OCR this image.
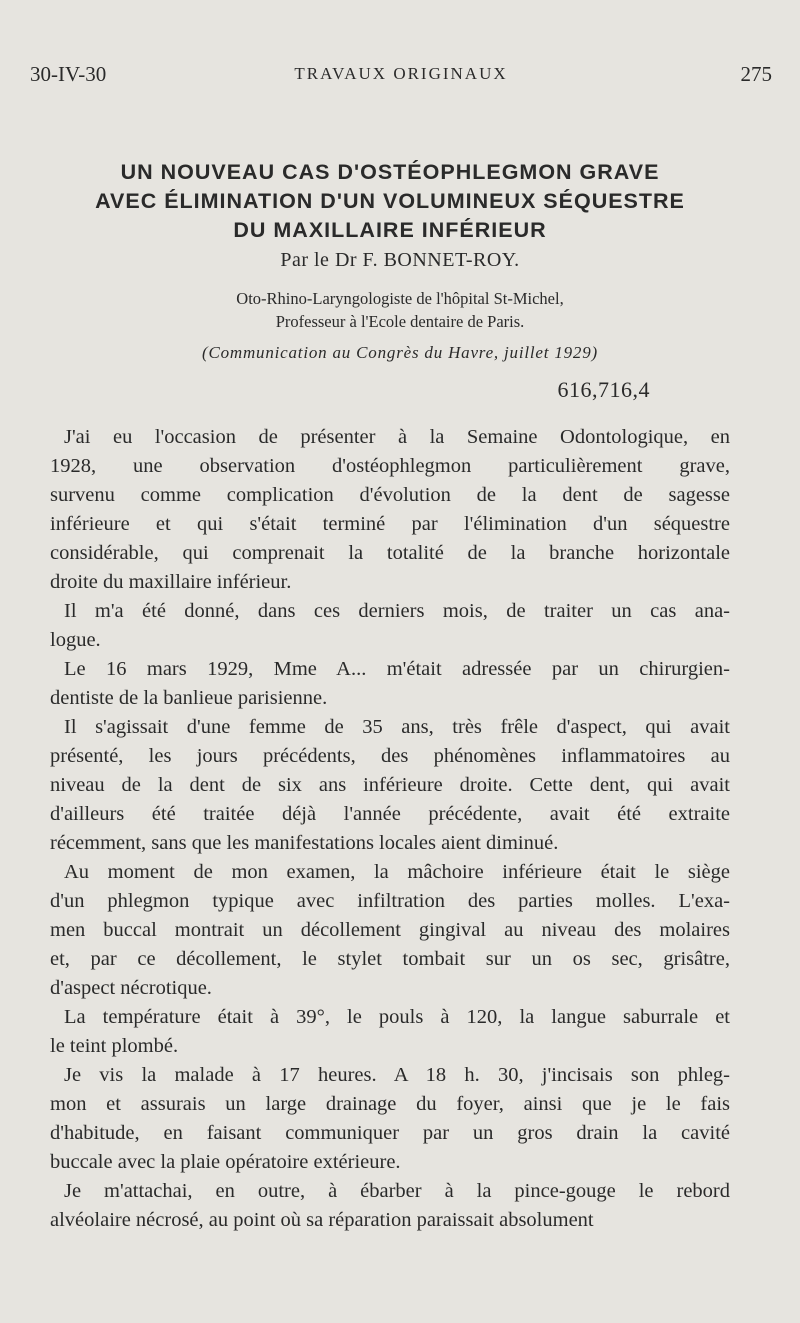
30-IV-30	TRAVAUX ORIGINAUX	275
UN NOUVEAU CAS D'OSTÉOPHLEGMON GRAVE
AVEC ÉLIMINATION D'UN VOLUMINEUX SÉQUESTRE
DU MAXILLAIRE INFÉRIEUR
Par le Dr F. BONNET-ROY.
Oto-Rhino-Laryngologiste de l'hôpital St-Michel,
Professeur à l'Ecole dentaire de Paris.
(Communication au Congrès du Havre, juillet 1929)
616,716,4

J'ai eu l'occasion de présenter à la Semaine Odontologique, en
1928, une observation d'ostéophlegmon particulièrement grave,
survenu comme complication d'évolution de la dent de sagesse
inférieure et qui s'était terminé par l'élimination d'un séquestre
considérable, qui comprenait la totalité de la branche horizontale
droite du maxillaire inférieur.

Il m'a été donné, dans ces derniers mois, de traiter un cas ana-
logue.

Le 16 mars 1929, Mme A... m'était adressée par un chirurgien-
dentiste de la banlieue parisienne.

Il s'agissait d'une femme de 35 ans, très frêle d'aspect, qui avait
présenté, les jours précédents, des phénomènes inflammatoires au
niveau de la dent de six ans inférieure droite. Cette dent, qui avait
d'ailleurs été traitée déjà l'année précédente, avait été extraite
récemment, sans que les manifestations locales aient diminué.

Au moment de mon examen, la mâchoire inférieure était le siège
d'un phlegmon typique avec infiltration des parties molles. L'exa-
men buccal montrait un décollement gingival au niveau des molaires
et, par ce décollement, le stylet tombait sur un os sec, grisâtre,
d'aspect nécrotique.

La température était à 39°, le pouls à 120, la langue saburrale et
le teint plombé.

Je vis la malade à 17 heures. A 18 h. 30, j'incisais son phleg-
mon et assurais un large drainage du foyer, ainsi que je le fais
d'habitude, en faisant communiquer par un gros drain la cavité
buccale avec la plaie opératoire extérieure.

Je m'attachai, en outre, à ébarber à la pince-gouge le rebord
alvéolaire nécrosé, au point où sa réparation paraissait absolument
